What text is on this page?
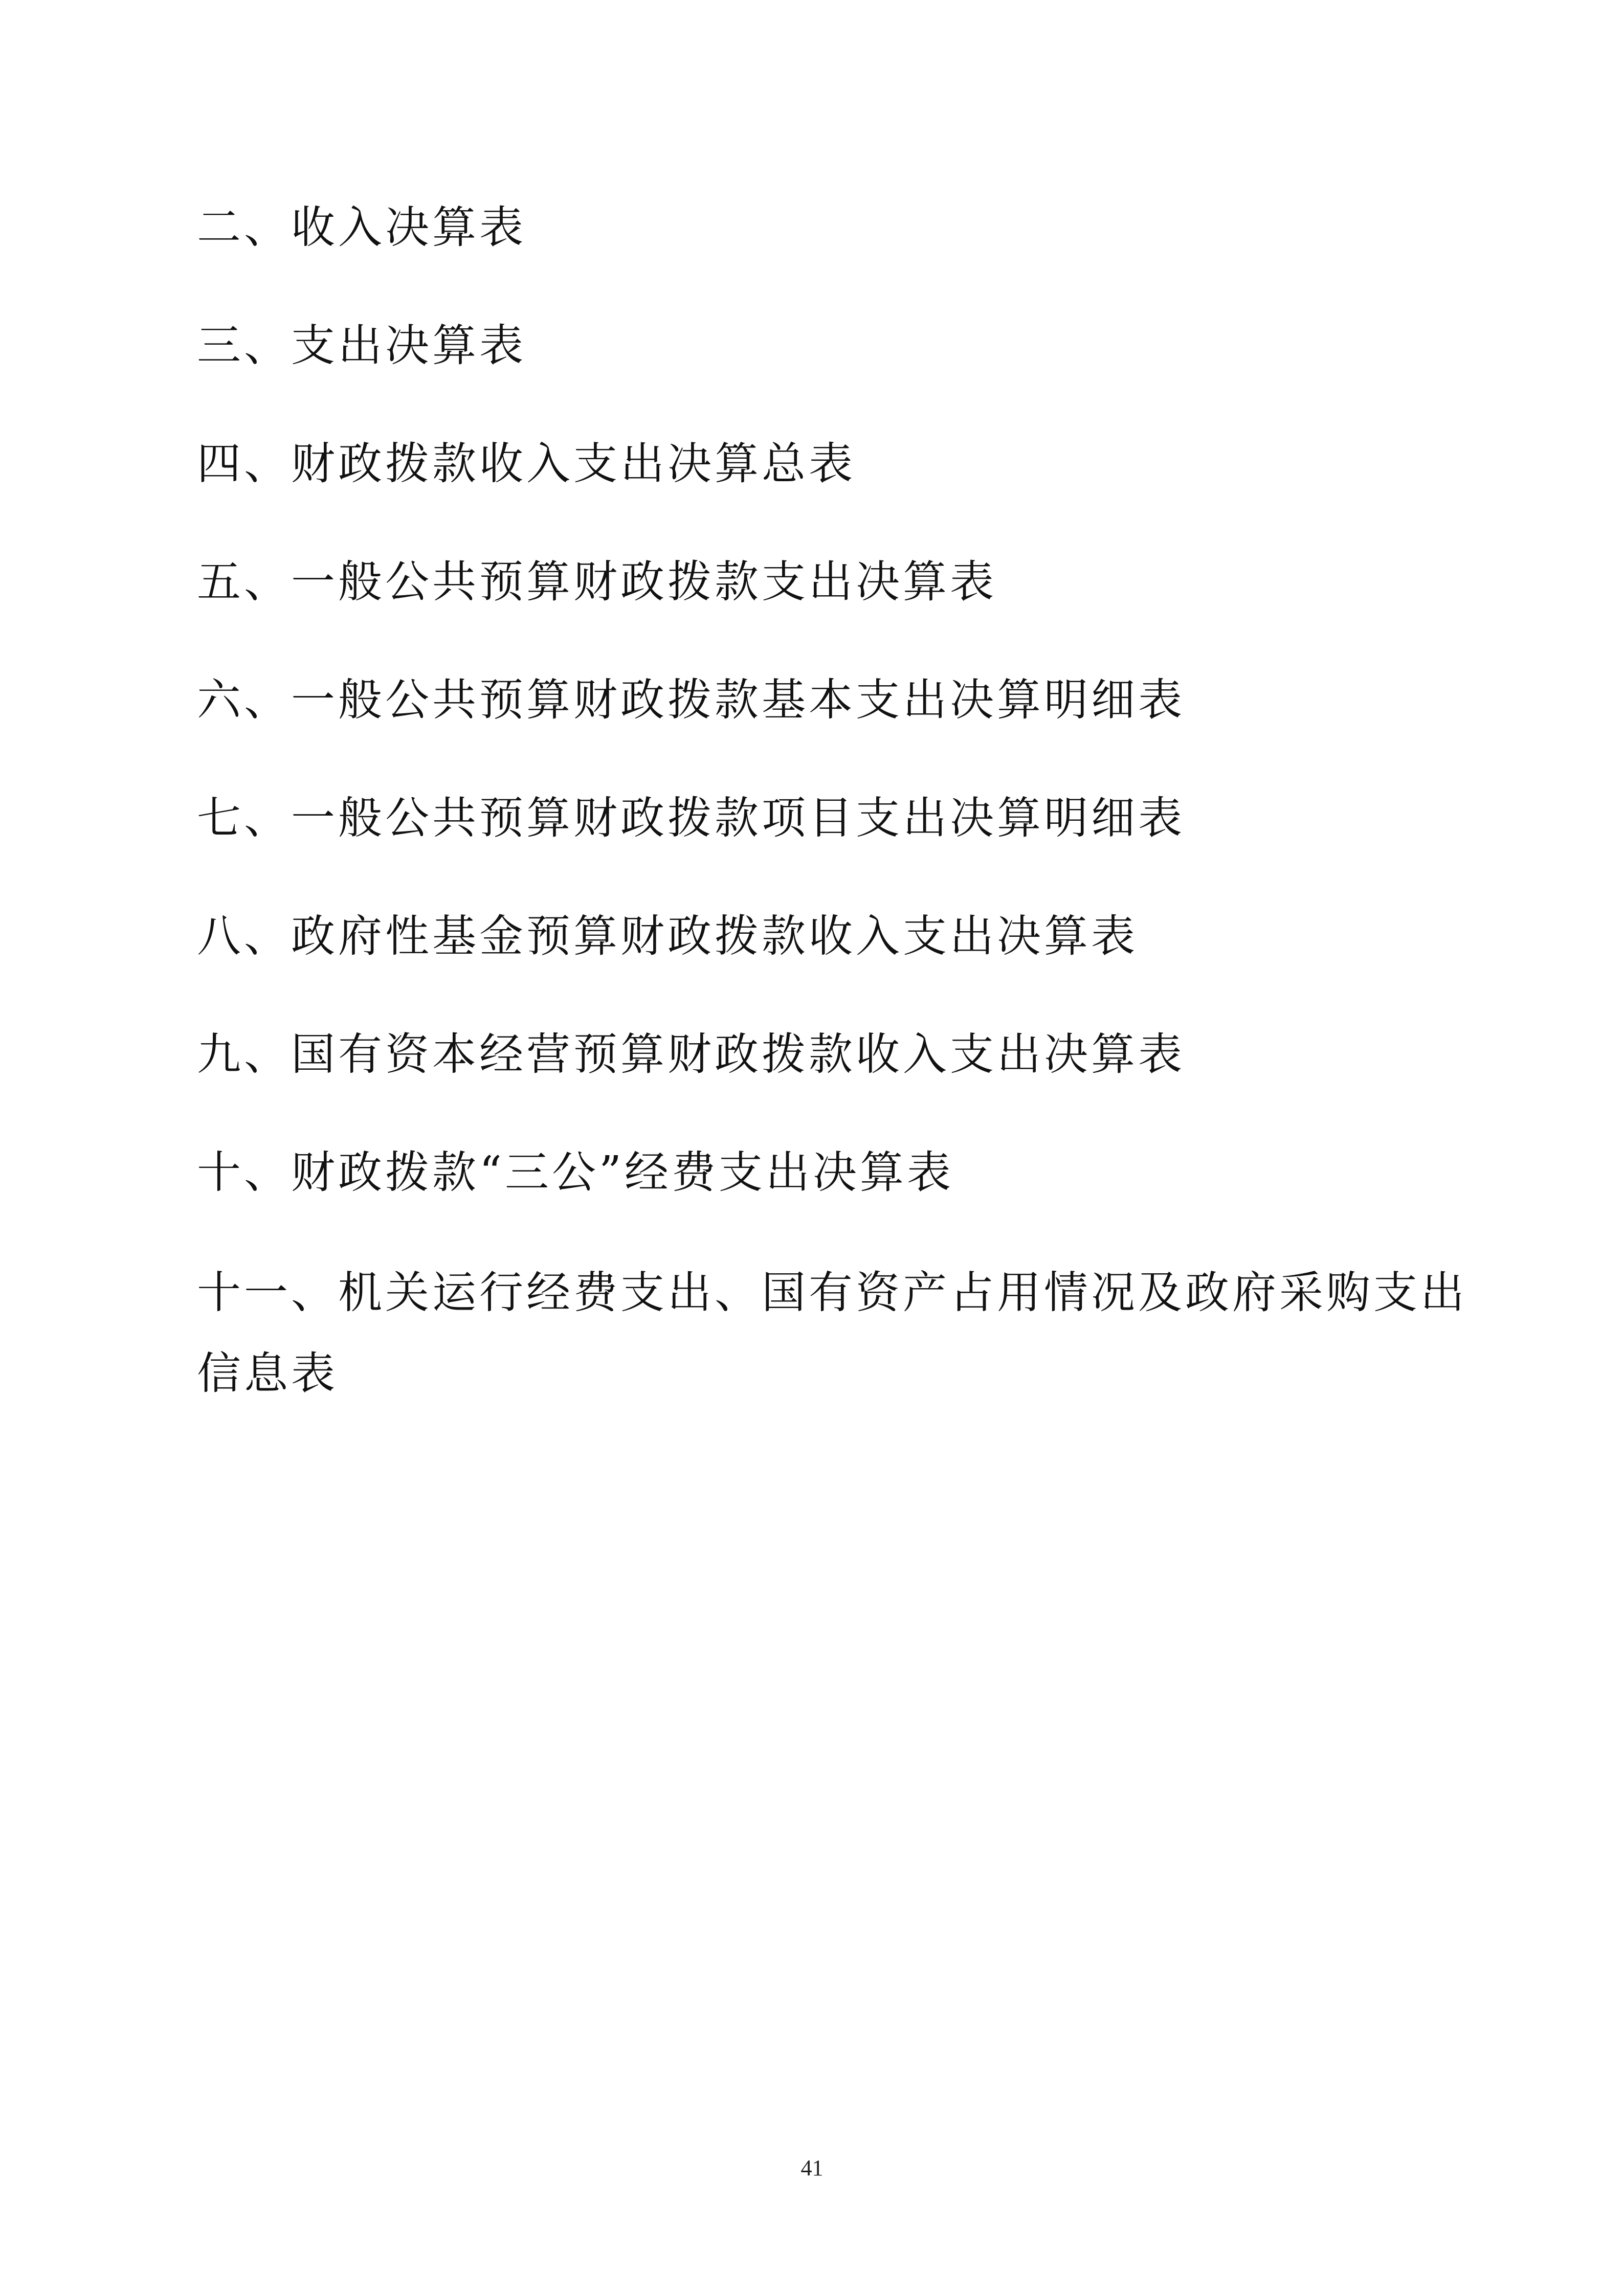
二、收入决算表
三、支出决算表
四、财政拨款收入支出决算总表
五、一般公共预算财政拨款支出决算表
六、一般公共预算财政拨款基本支出决算明细表
七、一般公共预算财政拨款项目支出决算明细表
八、政府性基金预算财政拨款收入支出决算表
九、国有资本经营预算财政拨款收入支出决算表
十、财政拨款“三公”经费支出决算表
十一、机关运行经费支出、国有资产占用情况及政府采购支出信息表
41
